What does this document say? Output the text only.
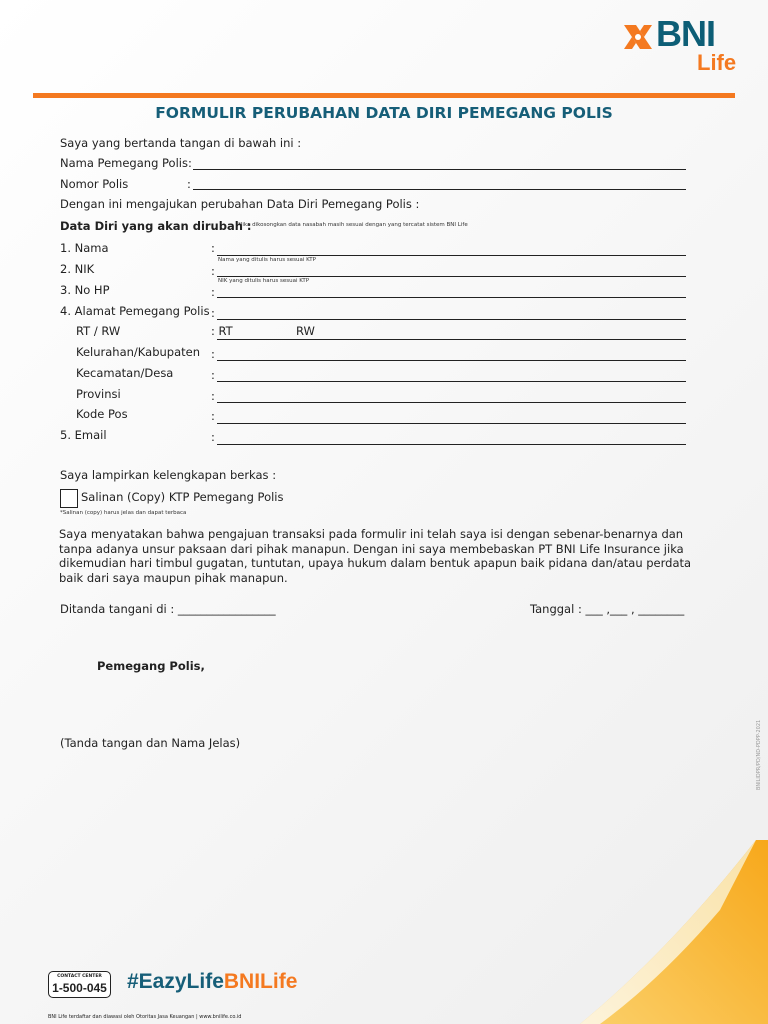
BNI
Life
FORMULIR PERUBAHAN DATA DIRI PEMEGANG POLIS
Saya yang bertanda tangan di bawah ini :
Nama Pemegang Polis:
Nomor Polis	:
Dengan ini mengajukan perubahan Data Diri Pemegang Polis :
Data Diri yang akan dirubah :
*Jika dikosongkan data nasabah masih sesuai dengan yang tercatat sistem BNI Life
1. Nama	:
Nama yang ditulis harus sesuai KTP
2. NIK	:
NIK yang ditulis harus sesuai KTP
3. No HP	:
4. Alamat Pemegang Polis :
RT / RW	: RT	RW
Kelurahan/Kabupaten :
Kecamatan/Desa	:
Provinsi	:
Kode Pos	:
5. Email	:
Saya lampirkan kelengkapan berkas :
Salinan (Copy) KTP Pemegang Polis
*Salinan (copy) harus jelas dan dapat terbaca
Saya menyatakan bahwa pengajuan transaksi pada formulir ini telah saya isi dengan sebenar-benarnya dan tanpa adanya unsur paksaan dari pihak manapun. Dengan ini saya membebaskan PT BNI Life Insurance jika dikemudian hari timbul gugatan, tuntutan, upaya hukum dalam bentuk apapun baik pidana dan/atau perdata baik dari saya maupun pihak manapun.
Ditanda tangani di : _________________	Tanggal : ___ ,___ , ________
Pemegang Polis,
(Tanda tangan dan Nama Jelas)	BNILIDPR/PD/ND-PDPP-2021
CONTACT CENTER
1-500-045 #EazyLifeBNILife
BNI Life terdaftar dan diawasi oleh Otoritas Jasa Keuangan | www.bnilife.co.id
